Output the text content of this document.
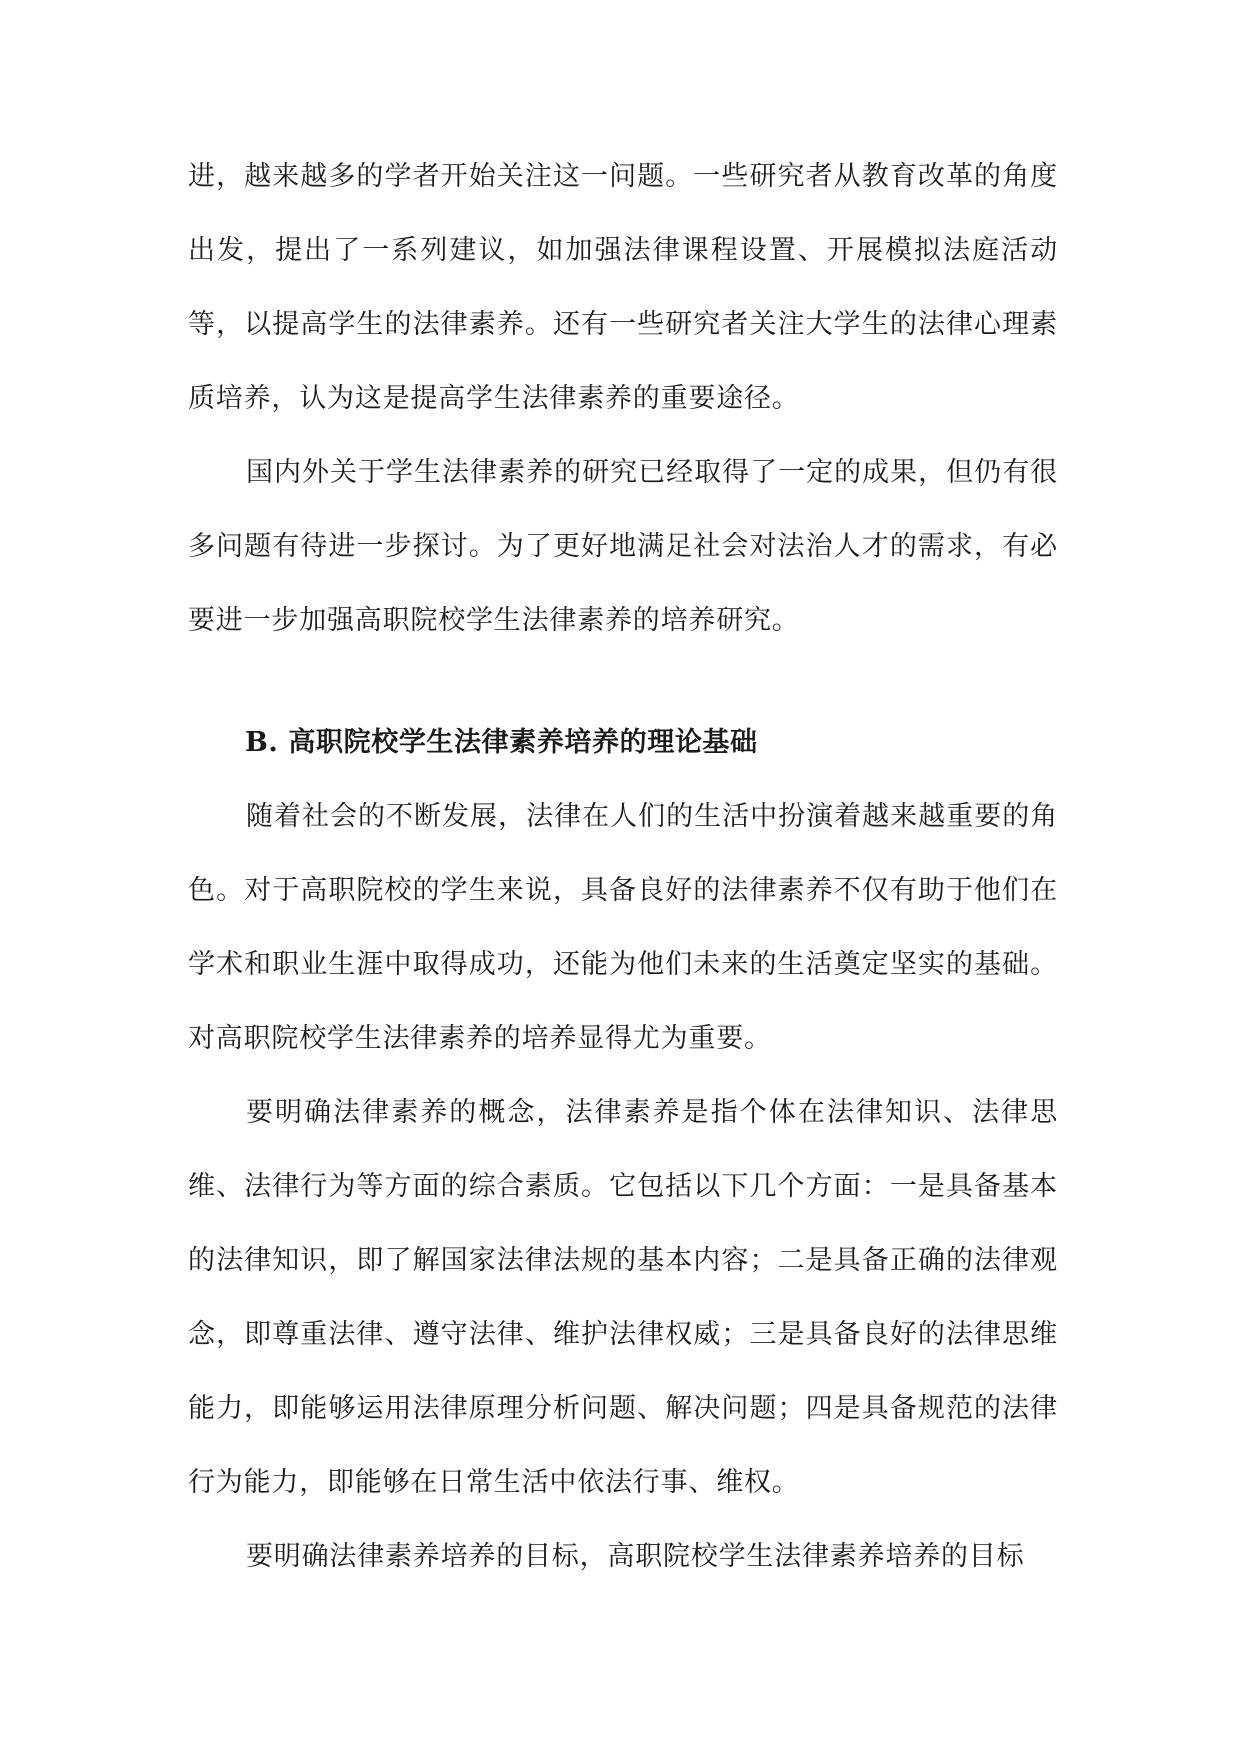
进，越来越多的学者开始关注这一问题。一些研究者从教育改革的角度出发，提出了一系列建议，如加强法律课程设置、开展模拟法庭活动等，以提高学生的法律素养。还有一些研究者关注大学生的法律心理素质培养，认为这是提高学生法律素养的重要途径。

国内外关于学生法律素养的研究已经取得了一定的成果，但仍有很多问题有待进一步探讨。为了更好地满足社会对法治人才的需求，有必要进一步加强高职院校学生法律素养的培养研究。

B. 高职院校学生法律素养培养的理论基础

随着社会的不断发展，法律在人们的生活中扮演着越来越重要的角色。对于高职院校的学生来说，具备良好的法律素养不仅有助于他们在学术和职业生涯中取得成功，还能为他们未来的生活奠定坚实的基础。对高职院校学生法律素养的培养显得尤为重要。

要明确法律素养的概念，法律素养是指个体在法律知识、法律思维、法律行为等方面的综合素质。它包括以下几个方面：一是具备基本的法律知识，即了解国家法律法规的基本内容；二是具备正确的法律观念，即尊重法律、遵守法律、维护法律权威；三是具备良好的法律思维能力，即能够运用法律原理分析问题、解决问题；四是具备规范的法律行为能力，即能够在日常生活中依法行事、维权。

要明确法律素养培养的目标，高职院校学生法律素养培养的目标
